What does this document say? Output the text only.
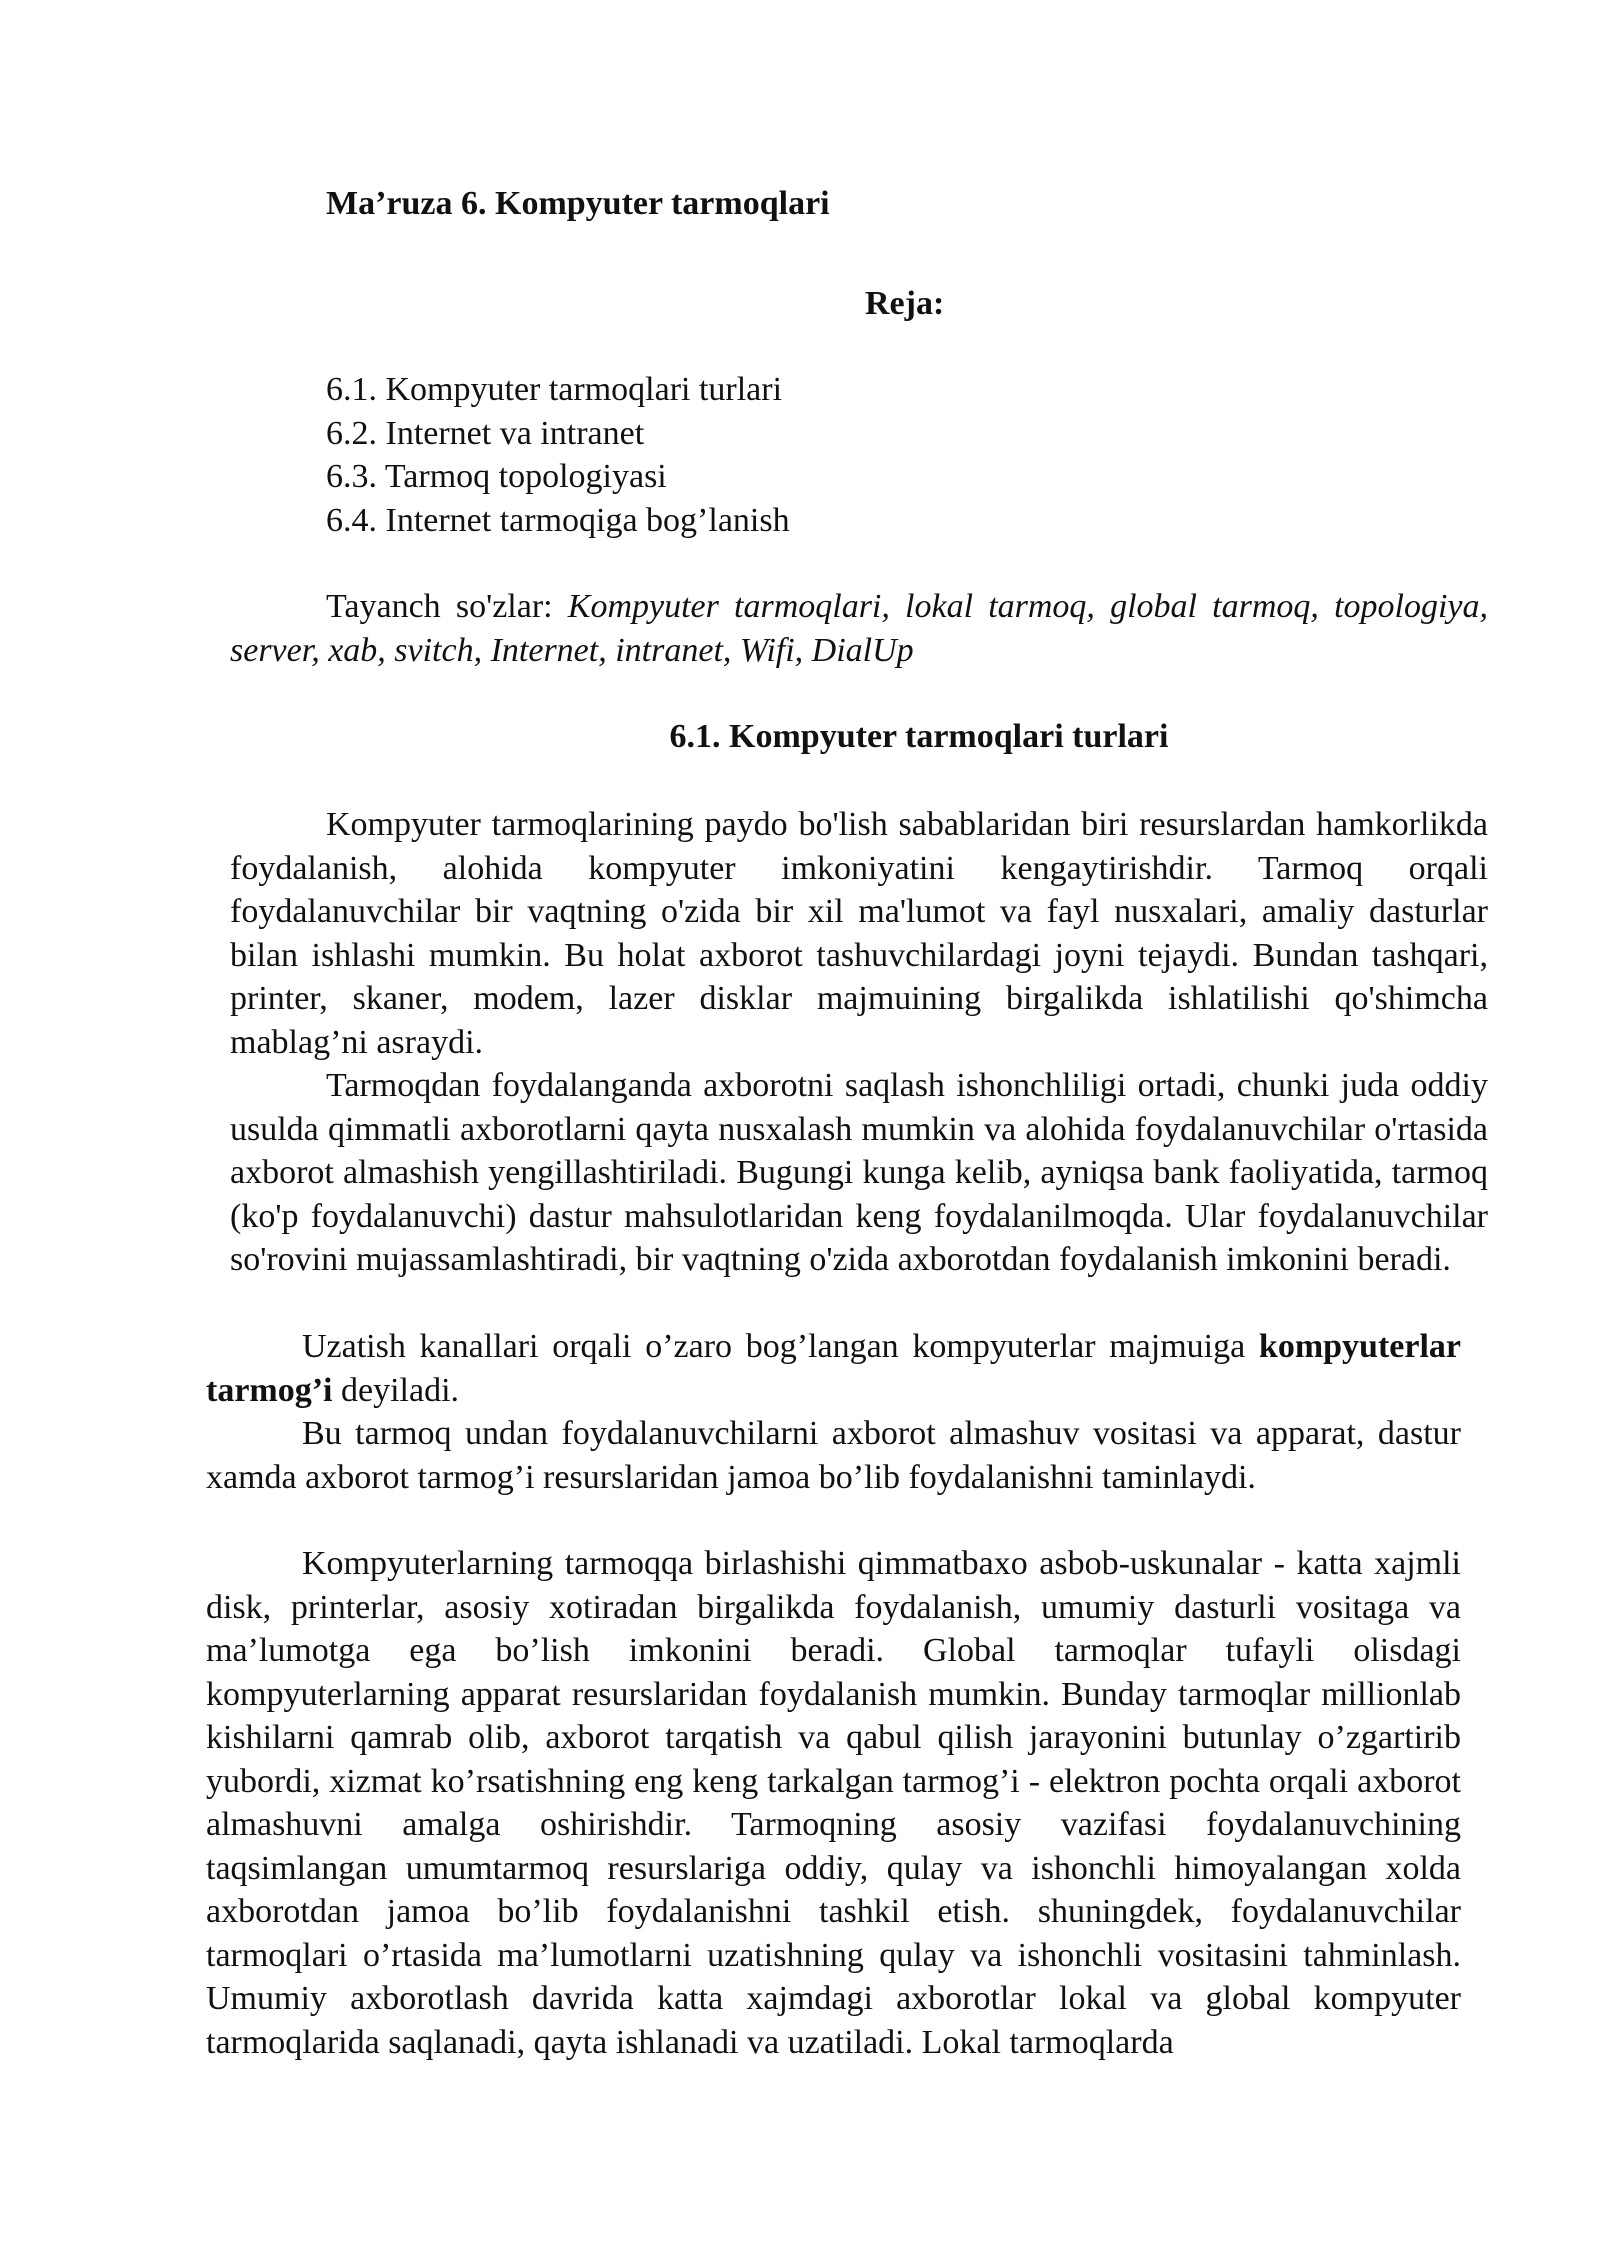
Ma’ruza 6. Kompyuter tarmoqlari

Reja:

6.1. Kompyuter tarmoqlari turlari
6.2. Internet va intranet
6.3. Tarmoq topologiyasi
6.4. Internet tarmoqiga bog’lanish

Tayanch so'zlar: Kompyuter tarmoqlari, lokal tarmoq, global tarmoq, topologiya, server, xab, svitch, Internet, intranet, Wifi, DialUp

6.1. Kompyuter tarmoqlari turlari

Kompyuter tarmoqlarining paydo bo'lish sabablaridan biri resurslardan hamkorlikda foydalanish, alohida kompyuter imkoniyatini kengaytirishdir. Tarmoq orqali foydalanuvchilar bir vaqtning o'zida bir xil ma'lumot va fayl nusxalari, amaliy dasturlar bilan ishlashi mumkin. Bu holat axborot tashuvchilardagi joyni tejaydi. Bundan tashqari, printer, skaner, modem, lazer disklar majmuining birgalikda ishlatilishi qo'shimcha mablag’ni asraydi.

Tarmoqdan foydalanganda axborotni saqlash ishonchliligi ortadi, chunki juda oddiy usulda qimmatli axborotlarni qayta nusxalash mumkin va alohida foydalanuvchilar o'rtasida axborot almashish yengillashtiriladi. Bugungi kunga kelib, ayniqsa bank faoliyatida, tarmoq (ko'p foydalanuvchi) dastur mahsulotlaridan keng foydalanilmoqda. Ular foydalanuvchilar so'rovini mujassamlashtiradi, bir vaqtning o'zida axborotdan foydalanish imkonini beradi.

Uzatish kanallari orqali o’zaro bog’langan kompyuterlar majmuiga kompyuterlar tarmog’i deyiladi.

Bu tarmoq undan foydalanuvchilarni axborot almashuv vositasi va apparat, dastur xamda axborot tarmog’i resurslaridan jamoa bo’lib foydalanishni taminlaydi.

Kompyuterlarning tarmoqqa birlashishi qimmatbaxo asbob-uskunalar - katta xajmli disk, printerlar, asosiy xotiradan birgalikda foydalanish, umumiy dasturli vositaga va ma’lumotga ega bo’lish imkonini beradi. Global tarmoqlar tufayli olisdagi kompyuterlarning apparat resurslaridan foydalanish mumkin. Bunday tarmoqlar millionlab kishilarni qamrab olib, axborot tarqatish va qabul qilish jarayonini butunlay o’zgartirib yubordi, xizmat ko’rsatishning eng keng tarkalgan tarmog’i - elektron pochta orqali axborot almashuvni amalga oshirishdir. Tarmoqning asosiy vazifasi foydalanuvchining taqsimlangan umumtarmoq resurslariga oddiy, qulay va ishonchli himoyalangan xolda axborotdan jamoa bo’lib foydalanishni tashkil etish. shuningdek, foydalanuvchilar tarmoqlari o’rtasida ma’lumotlarni uzatishning qulay va ishonchli vositasini tahminlash. Umumiy axborotlash davrida katta xajmdagi axborotlar lokal va global kompyuter tarmoqlarida saqlanadi, qayta ishlanadi va uzatiladi. Lokal tarmoqlarda
